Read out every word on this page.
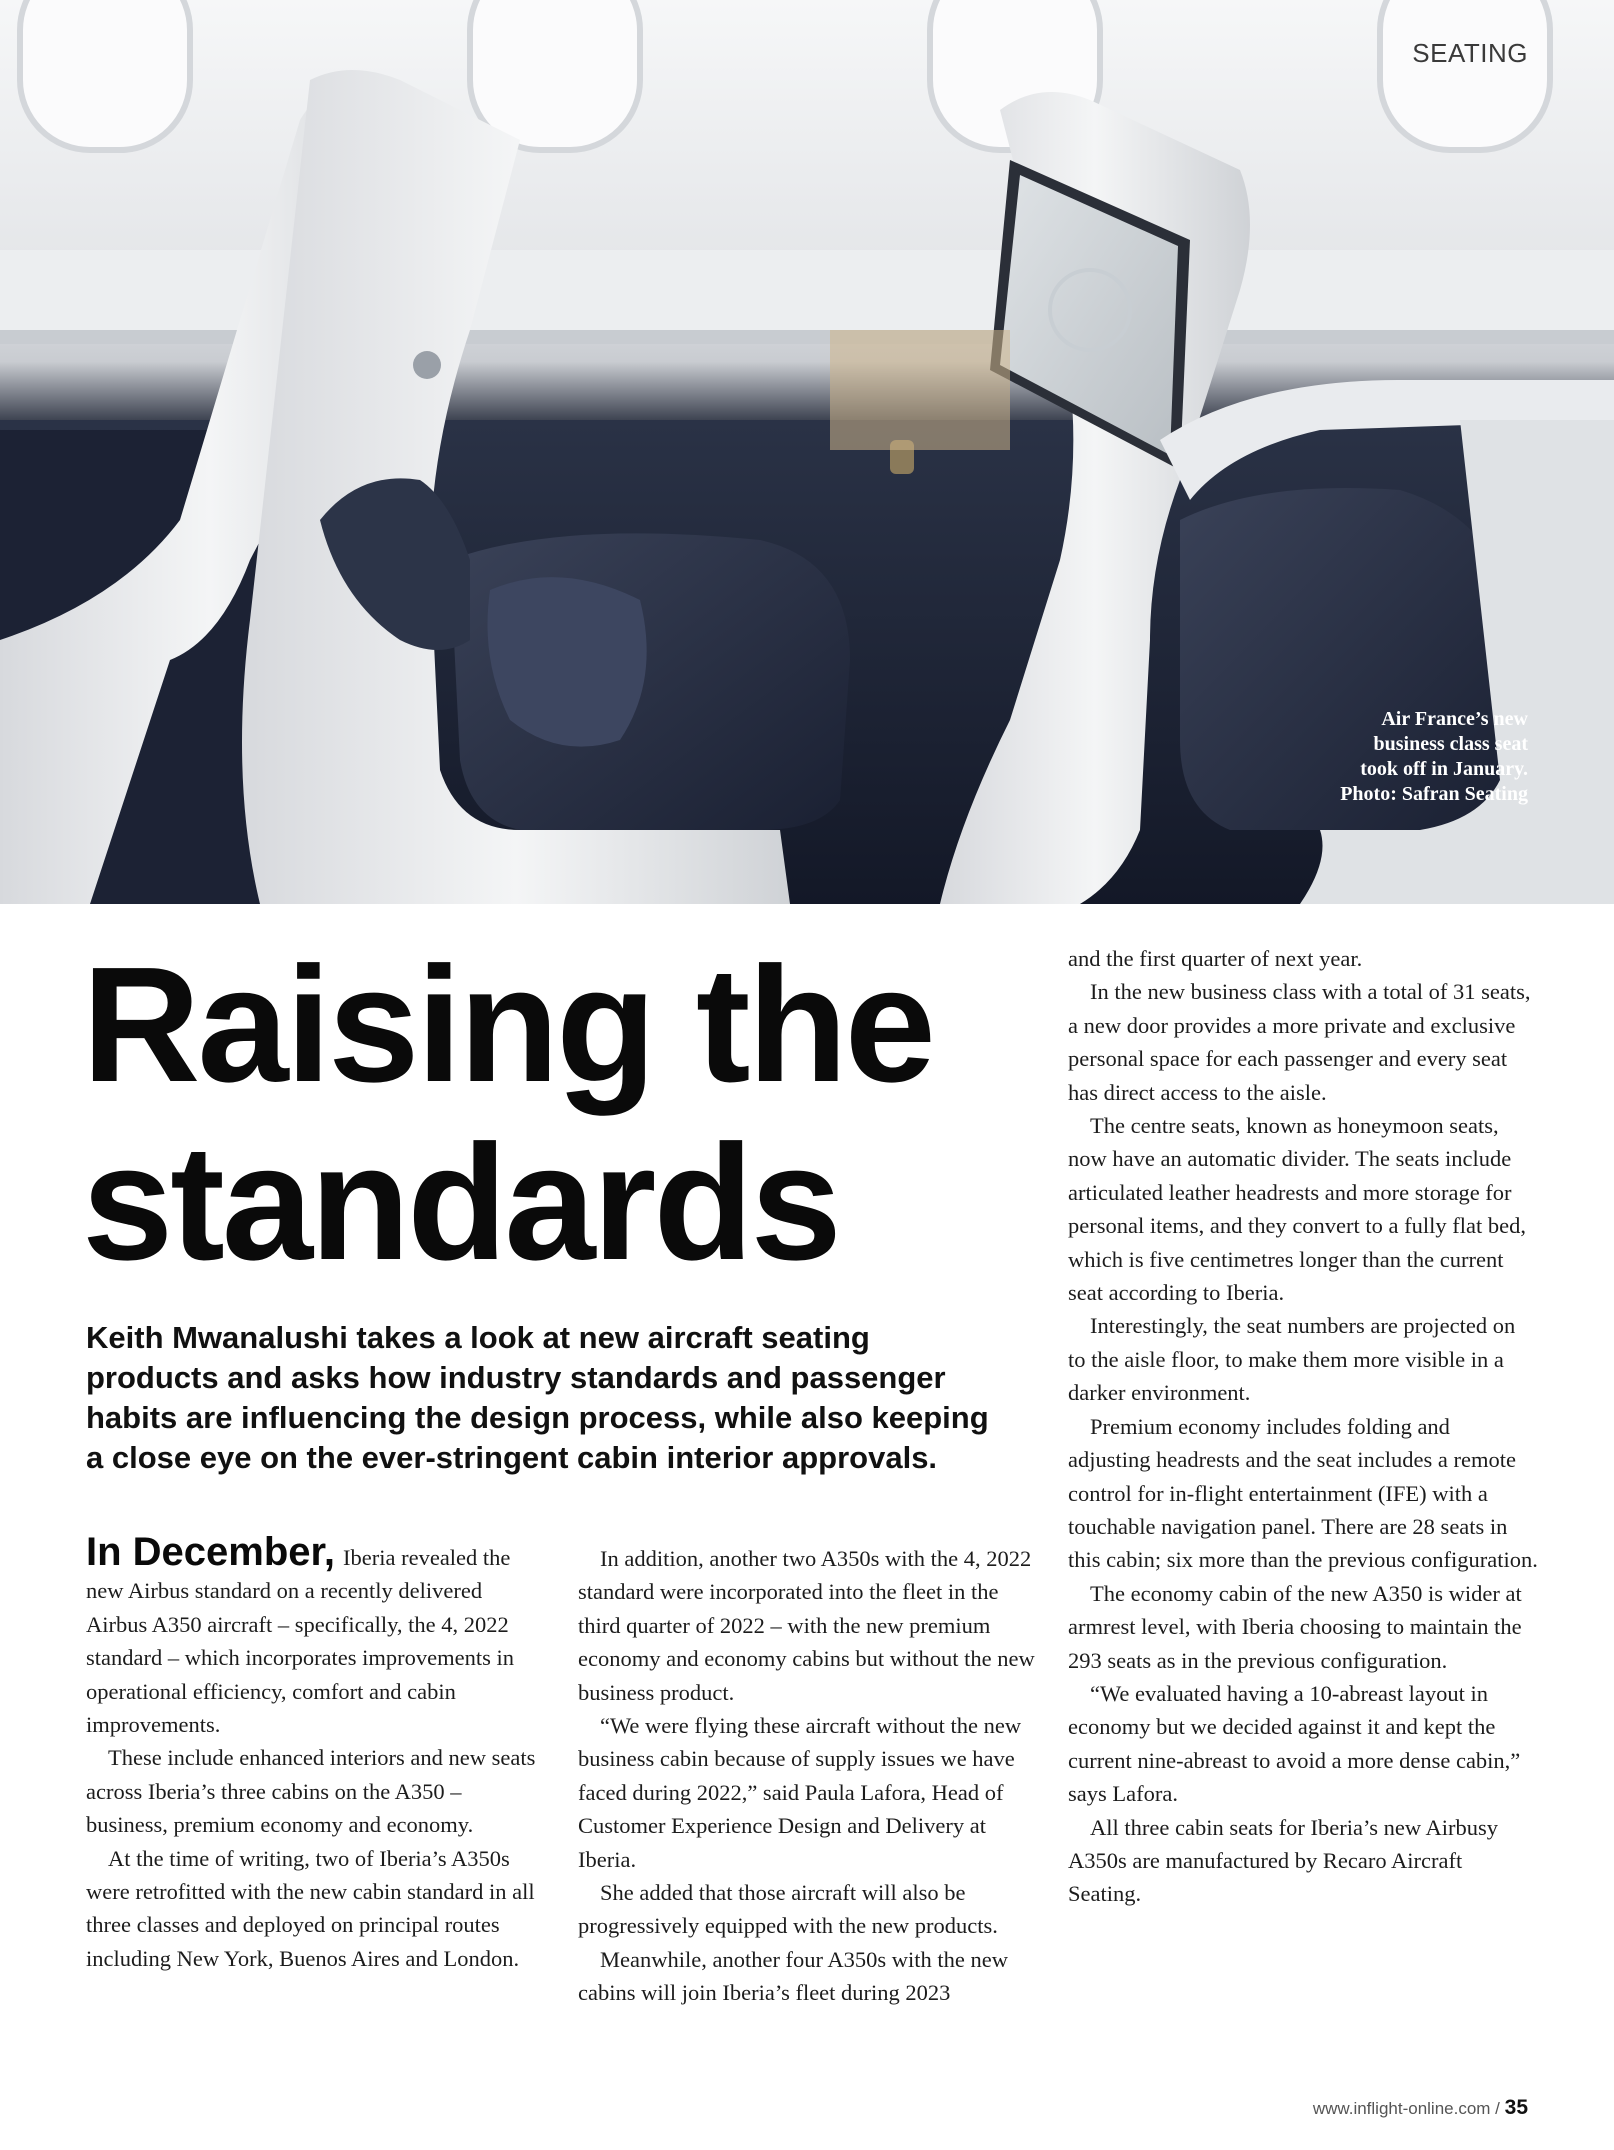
SEATING
Air France’s new
business class seat
took off in January.
Photo: Safran Seating
Raising the
standards

Keith Mwanalushi takes a look at new aircraft seating products and asks how industry standards and passenger habits are influencing the design process, while also keeping a close eye on the ever-stringent cabin interior approvals.

In December, Iberia revealed the new Airbus standard on a recently delivered Airbus A350 aircraft – specifically, the 4, 2022 standard – which incorporates improvements in operational efficiency, comfort and cabin improvements.

These include enhanced interiors and new seats across Iberia’s three cabins on the A350 – business, premium economy and economy.

At the time of writing, two of Iberia’s A350s were retrofitted with the new cabin standard in all three classes and deployed on principal routes including New York, Buenos Aires and London.

In addition, another two A350s with the 4, 2022 standard were incorporated into the fleet in the third quarter of 2022 – with the new premium economy and economy cabins but without the new business product.

“We were flying these aircraft without the new business cabin because of supply issues we have faced during 2022,” said Paula Lafora, Head of Customer Experience Design and Delivery at Iberia.

She added that those aircraft will also be progressively equipped with the new products.

Meanwhile, another four A350s with the new cabins will join Iberia’s fleet during 2023

and the first quarter of next year.

In the new business class with a total of 31 seats, a new door provides a more private and exclusive personal space for each passenger and every seat has direct access to the aisle.

The centre seats, known as honeymoon seats, now have an automatic divider. The seats include articulated leather headrests and more storage for personal items, and they convert to a fully flat bed, which is five centimetres longer than the current seat according to Iberia.

Interestingly, the seat numbers are projected on to the aisle floor, to make them more visible in a darker environment.

Premium economy includes folding and adjusting headrests and the seat includes a remote control for in-flight entertainment (IFE) with a touchable navigation panel. There are 28 seats in this cabin; six more than the previous configuration.

The economy cabin of the new A350 is wider at armrest level, with Iberia choosing to maintain the 293 seats as in the previous configuration.

“We evaluated having a 10-abreast layout in economy but we decided against it and kept the current nine-abreast to avoid a more dense cabin,” says Lafora.

All three cabin seats for Iberia’s new Airbusy A350s are manufactured by Recaro Aircraft Seating.

www.inflight-online.com / 35
